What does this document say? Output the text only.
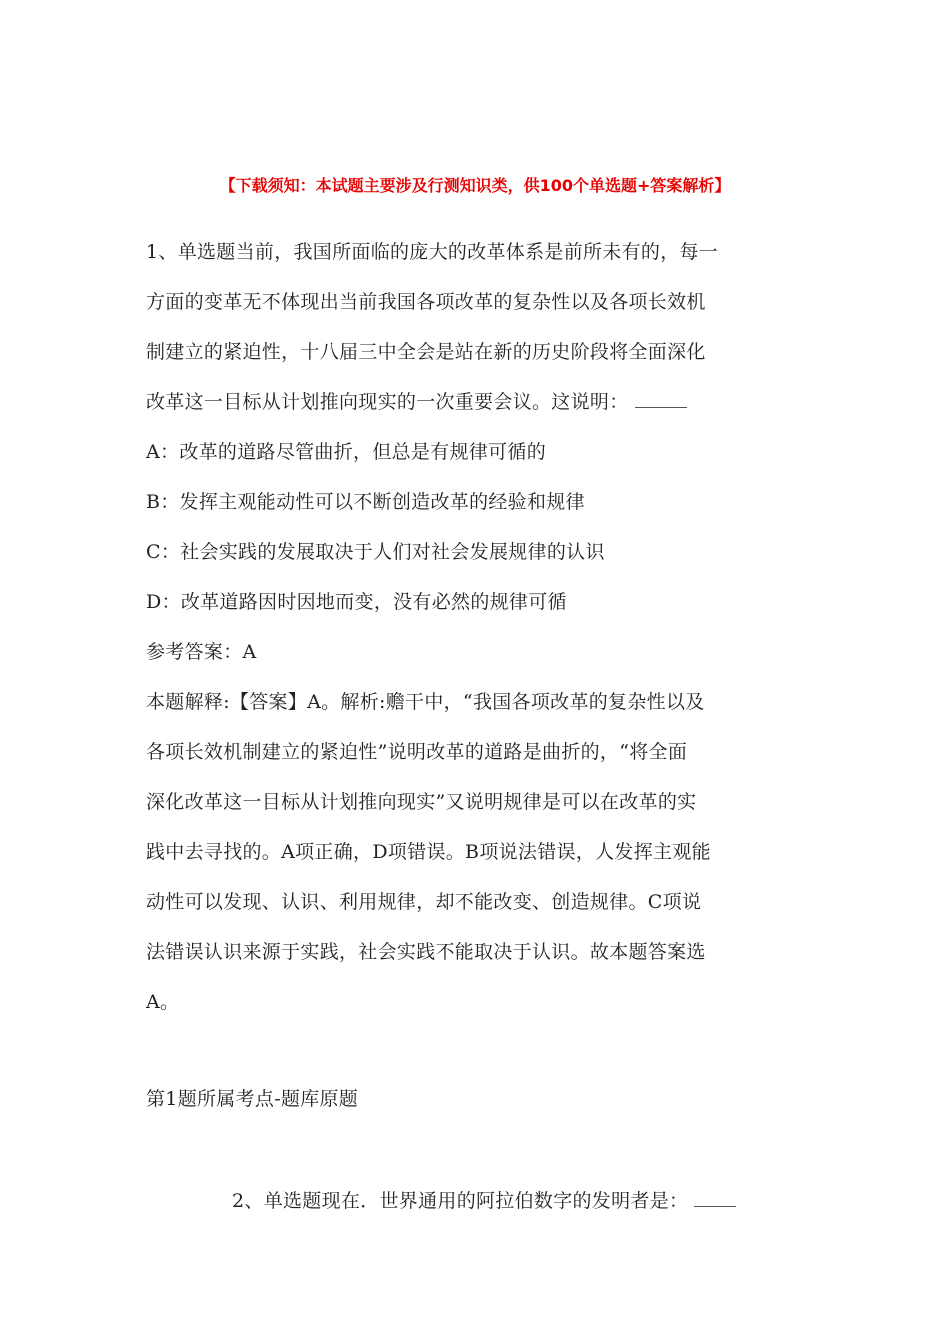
【下载须知：本试题主要涉及行测知识类，供100个单选题+答案解析】
1、单选题当前，我国所面临的庞大的改革体系是前所未有的，每一
方面的变革无不体现出当前我国各项改革的复杂性以及各项长效机
制建立的紧迫性，十八届三中全会是站在新的历史阶段将全面深化
改革这一目标从计划推向现实的一次重要会议。这说明：
A：改革的道路尽管曲折，但总是有规律可循的
B：发挥主观能动性可以不断创造改革的经验和规律
C：社会实践的发展取决于人们对社会发展规律的认识
D：改革道路因时因地而变，没有必然的规律可循
参考答案：A
本题解释:【答案】A。解析:赡干中，“我国各项改革的复杂性以及
各项长效机制建立的紧迫性”说明改革的道路是曲折的，“将全面
深化改革这一目标从计划推向现实”又说明规律是可以在改革的实
践中去寻找的。A项正确，D项错误。B项说法错误，人发挥主观能
动性可以发现、认识、利用规律，却不能改变、创造规律。C项说
法错误认识来源于实践，社会实践不能取决于认识。故本题答案选
A。
第1题所属考点-题库原题
2、单选题现在．世界通用的阿拉伯数字的发明者是：
